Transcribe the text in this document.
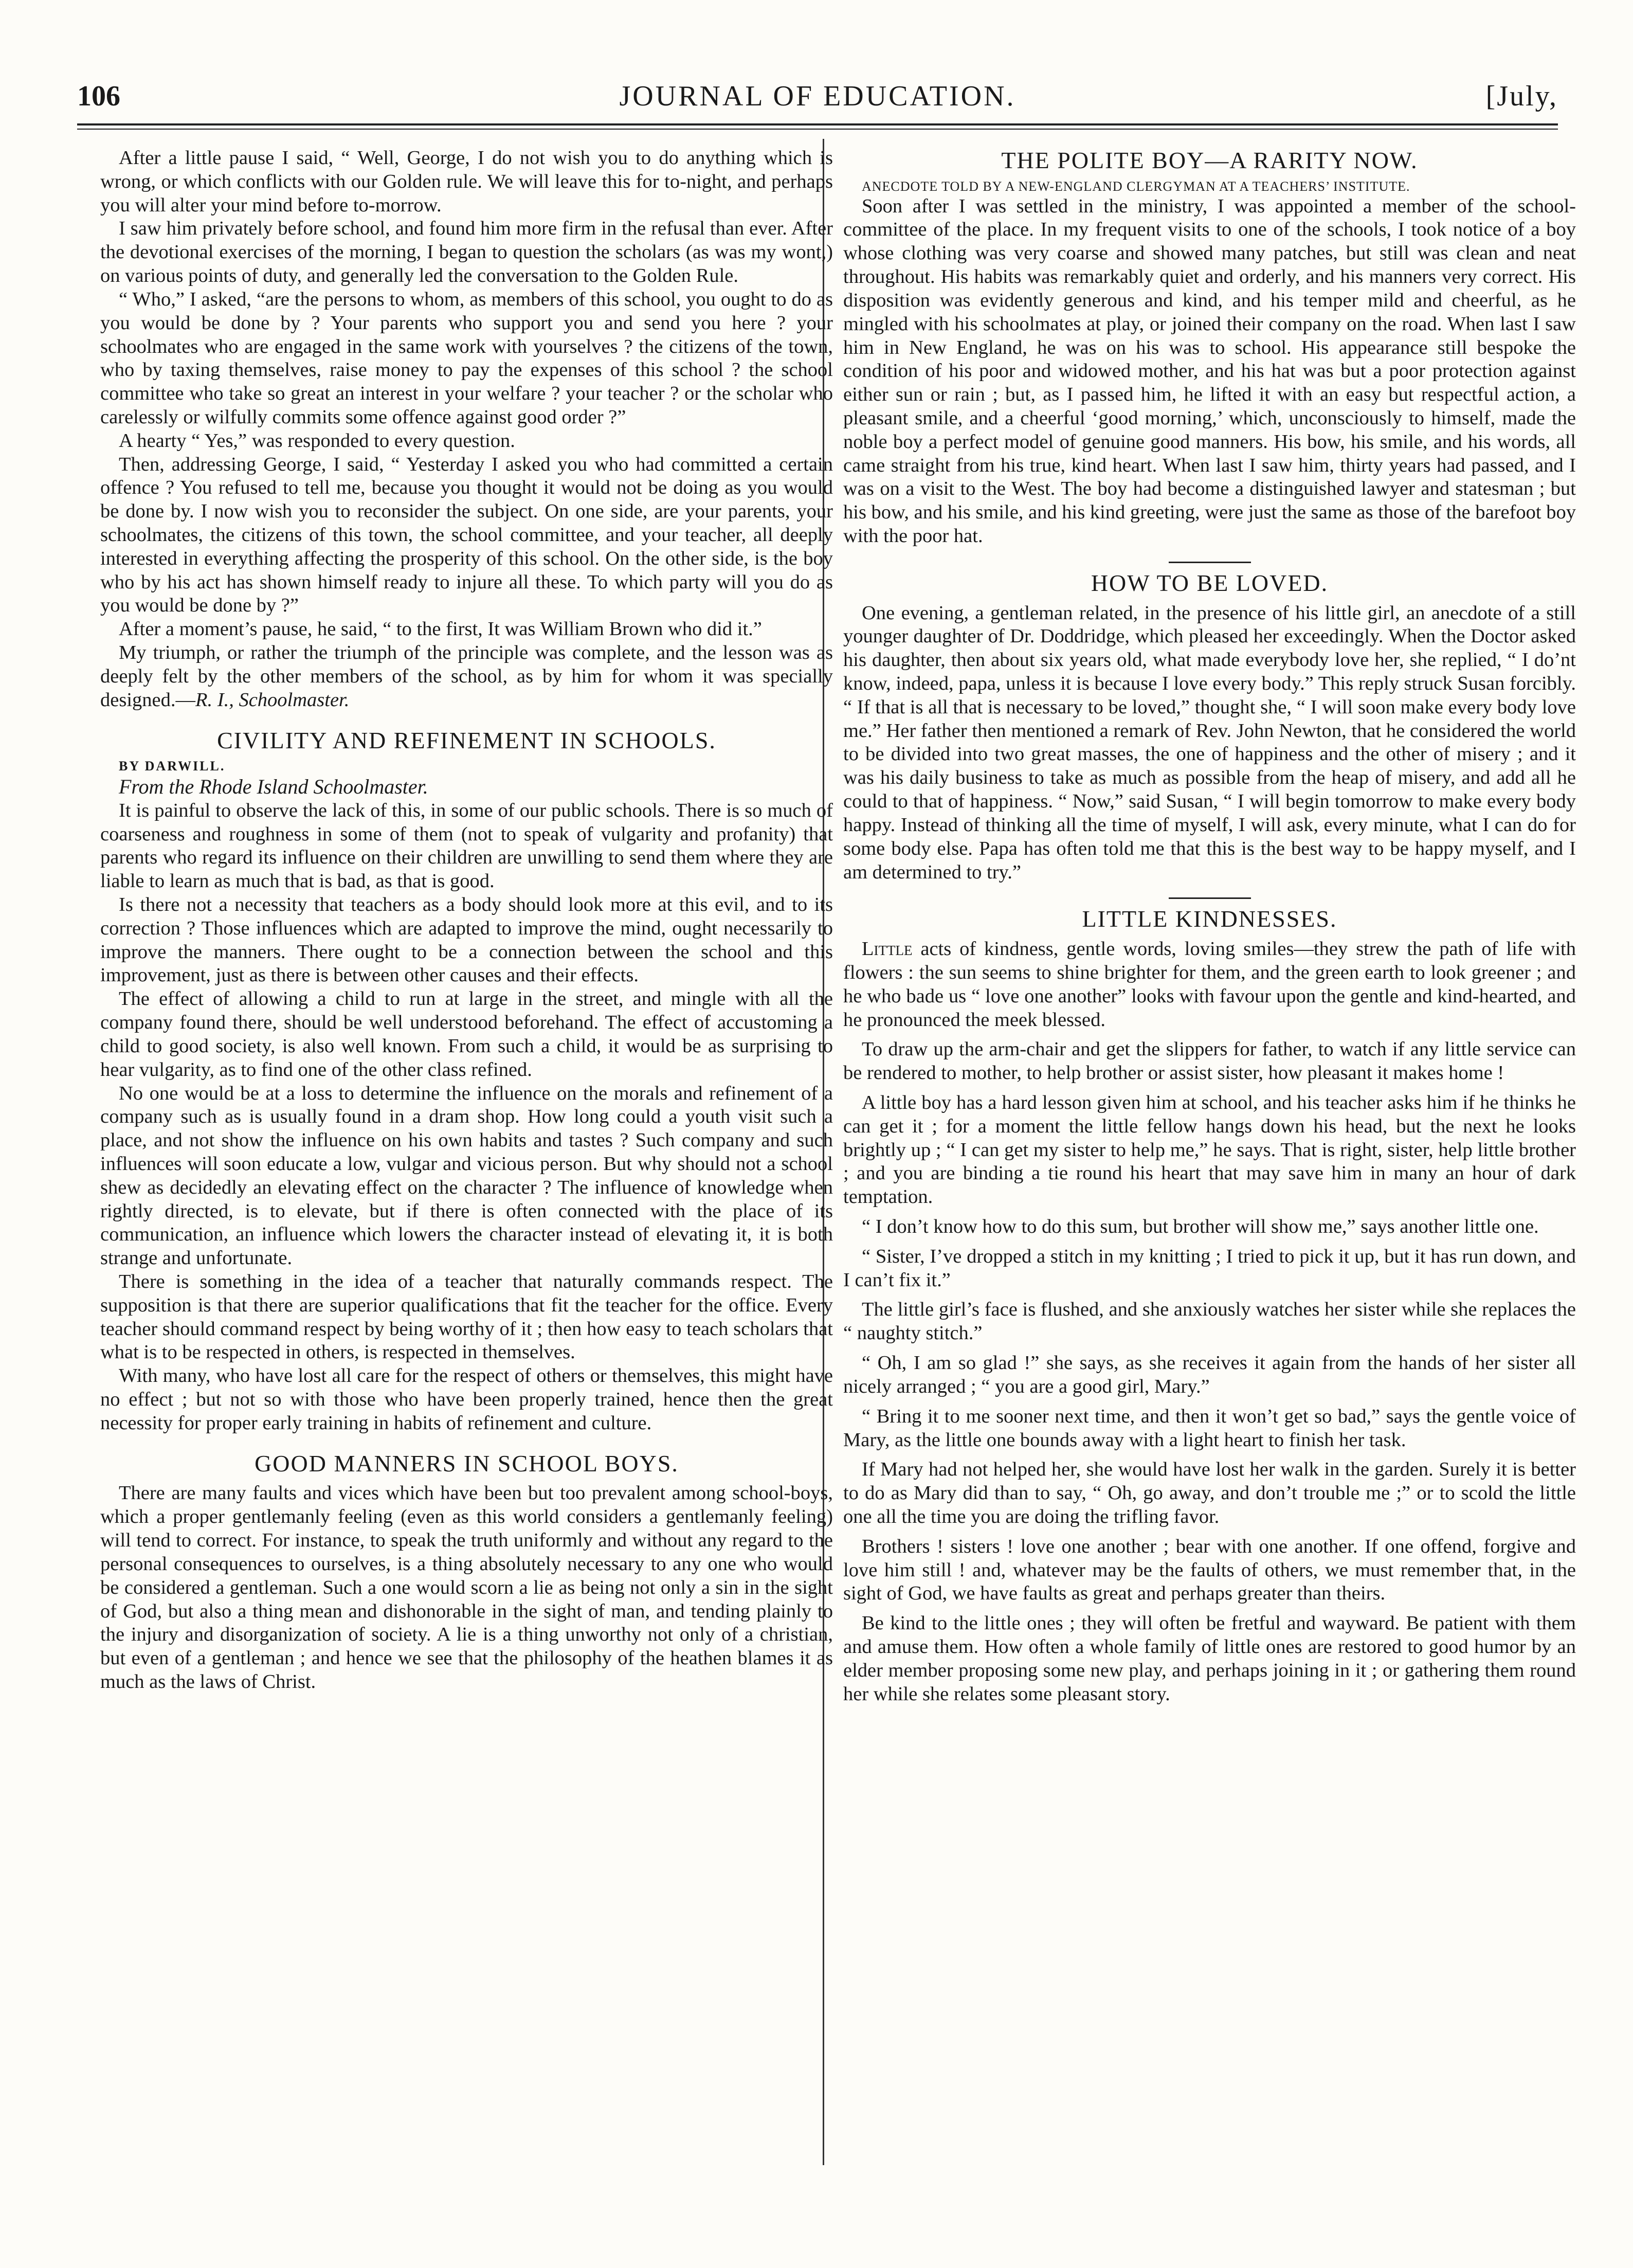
106	JOURNAL OF EDUCATION.	[July,

After a little pause I said, “ Well, George, I do not wish you to do anything which is wrong, or which conflicts with our Golden rule. We will leave this for to-night, and perhaps you will alter your mind before to-morrow.

I saw him privately before school, and found him more firm in the refusal than ever. After the devotional exercises of the morning, I began to question the scholars (as was my wont,) on various points of duty, and generally led the conversation to the Golden Rule.

“ Who,” I asked, “are the persons to whom, as members of this school, you ought to do as you would be done by ? Your parents who support you and send you here ? your schoolmates who are engaged in the same work with yourselves ? the citizens of the town, who by taxing themselves, raise money to pay the expenses of this school ? the school committee who take so great an interest in your welfare ? your teacher ? or the scholar who carelessly or wilfully commits some offence against good order ?”

A hearty “ Yes,” was responded to every question.

Then, addressing George, I said, “ Yesterday I asked you who had committed a certain offence ? You refused to tell me, because you thought it would not be doing as you would be done by. I now wish you to reconsider the subject. On one side, are your parents, your schoolmates, the citizens of this town, the school committee, and your teacher, all deeply interested in everything affecting the prosperity of this school. On the other side, is the boy who by his act has shown himself ready to injure all these. To which party will you do as you would be done by ?”

After a moment’s pause, he said, “ to the first, It was William Brown who did it.”

My triumph, or rather the triumph of the principle was complete, and the lesson was as deeply felt by the other members of the school, as by him for whom it was specially designed.—R. I., Schoolmaster.

CIVILITY AND REFINEMENT IN SCHOOLS.

BY DARWILL.

From the Rhode Island Schoolmaster.

It is painful to observe the lack of this, in some of our public schools. There is so much of coarseness and roughness in some of them (not to speak of vulgarity and profanity) that parents who regard its influence on their children are unwilling to send them where they are liable to learn as much that is bad, as that is good.

Is there not a necessity that teachers as a body should look more at this evil, and to its correction ? Those influences which are adapted to improve the mind, ought necessarily to improve the manners. There ought to be a connection between the school and this improvement, just as there is between other causes and their effects.

The effect of allowing a child to run at large in the street, and mingle with all the company found there, should be well understood beforehand. The effect of accustoming a child to good society, is also well known. From such a child, it would be as surprising to hear vulgarity, as to find one of the other class refined.

No one would be at a loss to determine the influence on the morals and refinement of a company such as is usually found in a dram shop. How long could a youth visit such a place, and not show the influence on his own habits and tastes ? Such company and such influences will soon educate a low, vulgar and vicious person. But why should not a school shew as decidedly an elevating effect on the character ? The influence of knowledge when rightly directed, is to elevate, but if there is often connected with the place of its communication, an influence which lowers the character instead of elevating it, it is both strange and unfortunate.

There is something in the idea of a teacher that naturally commands respect. The supposition is that there are superior qualifications that fit the teacher for the office. Every teacher should command respect by being worthy of it ; then how easy to teach scholars that what is to be respected in others, is respected in themselves.

With many, who have lost all care for the respect of others or themselves, this might have no effect ; but not so with those who have been properly trained, hence then the great necessity for proper early training in habits of refinement and culture.

GOOD MANNERS IN SCHOOL BOYS.

There are many faults and vices which have been but too prevalent among school-boys, which a proper gentlemanly feeling (even as this world considers a gentlemanly feeling) will tend to correct. For instance, to speak the truth uniformly and without any regard to the personal consequences to ourselves, is a thing absolutely necessary to any one who would be considered a gentleman. Such a one would scorn a lie as being not only a sin in the sight of God, but also a thing mean and dishonorable in the sight of man, and tending plainly to the injury and disorganization of society. A lie is a thing unworthy not only of a christian, but even of a gentleman ; and hence we see that the philosophy of the heathen blames it as much as the laws of Christ.

THE POLITE BOY—A RARITY NOW.

ANECDOTE TOLD BY A NEW-ENGLAND CLERGYMAN AT A TEACHERS’ INSTITUTE.

Soon after I was settled in the ministry, I was appointed a member of the school-committee of the place. In my frequent visits to one of the schools, I took notice of a boy whose clothing was very coarse and showed many patches, but still was clean and neat throughout. His habits was remarkably quiet and orderly, and his manners very correct. His disposition was evidently generous and kind, and his temper mild and cheerful, as he mingled with his schoolmates at play, or joined their company on the road. When last I saw him in New England, he was on his was to school. His appearance still bespoke the condition of his poor and widowed mother, and his hat was but a poor protection against either sun or rain ; but, as I passed him, he lifted it with an easy but respectful action, a pleasant smile, and a cheerful ‘good morning,’ which, unconsciously to himself, made the noble boy a perfect model of genuine good manners. His bow, his smile, and his words, all came straight from his true, kind heart. When last I saw him, thirty years had passed, and I was on a visit to the West. The boy had become a distinguished lawyer and statesman ; but his bow, and his smile, and his kind greeting, were just the same as those of the barefoot boy with the poor hat.

HOW TO BE LOVED.

One evening, a gentleman related, in the presence of his little girl, an anecdote of a still younger daughter of Dr. Doddridge, which pleased her exceedingly. When the Doctor asked his daughter, then about six years old, what made everybody love her, she replied, “ I do’nt know, indeed, papa, unless it is because I love every body.” This reply struck Susan forcibly. “ If that is all that is necessary to be loved,” thought she, “ I will soon make every body love me.” Her father then mentioned a remark of Rev. John Newton, that he considered the world to be divided into two great masses, the one of happiness and the other of misery ; and it was his daily business to take as much as possible from the heap of misery, and add all he could to that of happiness. “ Now,” said Susan, “ I will begin tomorrow to make every body happy. Instead of thinking all the time of myself, I will ask, every minute, what I can do for some body else. Papa has often told me that this is the best way to be happy myself, and I am determined to try.”

LITTLE KINDNESSES.

Little acts of kindness, gentle words, loving smiles—they strew the path of life with flowers : the sun seems to shine brighter for them, and the green earth to look greener ; and he who bade us “ love one another” looks with favour upon the gentle and kind-hearted, and he pronounced the meek blessed.

To draw up the arm-chair and get the slippers for father, to watch if any little service can be rendered to mother, to help brother or assist sister, how pleasant it makes home !

A little boy has a hard lesson given him at school, and his teacher asks him if he thinks he can get it ; for a moment the little fellow hangs down his head, but the next he looks brightly up ; “ I can get my sister to help me,” he says. That is right, sister, help little brother ; and you are binding a tie round his heart that may save him in many an hour of dark temptation.

“ I don’t know how to do this sum, but brother will show me,” says another little one.

“ Sister, I’ve dropped a stitch in my knitting ; I tried to pick it up, but it has run down, and I can’t fix it.”

The little girl’s face is flushed, and she anxiously watches her sister while she replaces the “ naughty stitch.”

“ Oh, I am so glad !” she says, as she receives it again from the hands of her sister all nicely arranged ; “ you are a good girl, Mary.”

“ Bring it to me sooner next time, and then it won’t get so bad,” says the gentle voice of Mary, as the little one bounds away with a light heart to finish her task.

If Mary had not helped her, she would have lost her walk in the garden. Surely it is better to do as Mary did than to say, “ Oh, go away, and don’t trouble me ;” or to scold the little one all the time you are doing the trifling favor.

Brothers ! sisters ! love one another ; bear with one another. If one offend, forgive and love him still ! and, whatever may be the faults of others, we must remember that, in the sight of God, we have faults as great and perhaps greater than theirs.

Be kind to the little ones ; they will often be fretful and wayward. Be patient with them and amuse them. How often a whole family of little ones are restored to good humor by an elder member proposing some new play, and perhaps joining in it ; or gathering them round her while she relates some pleasant story.
